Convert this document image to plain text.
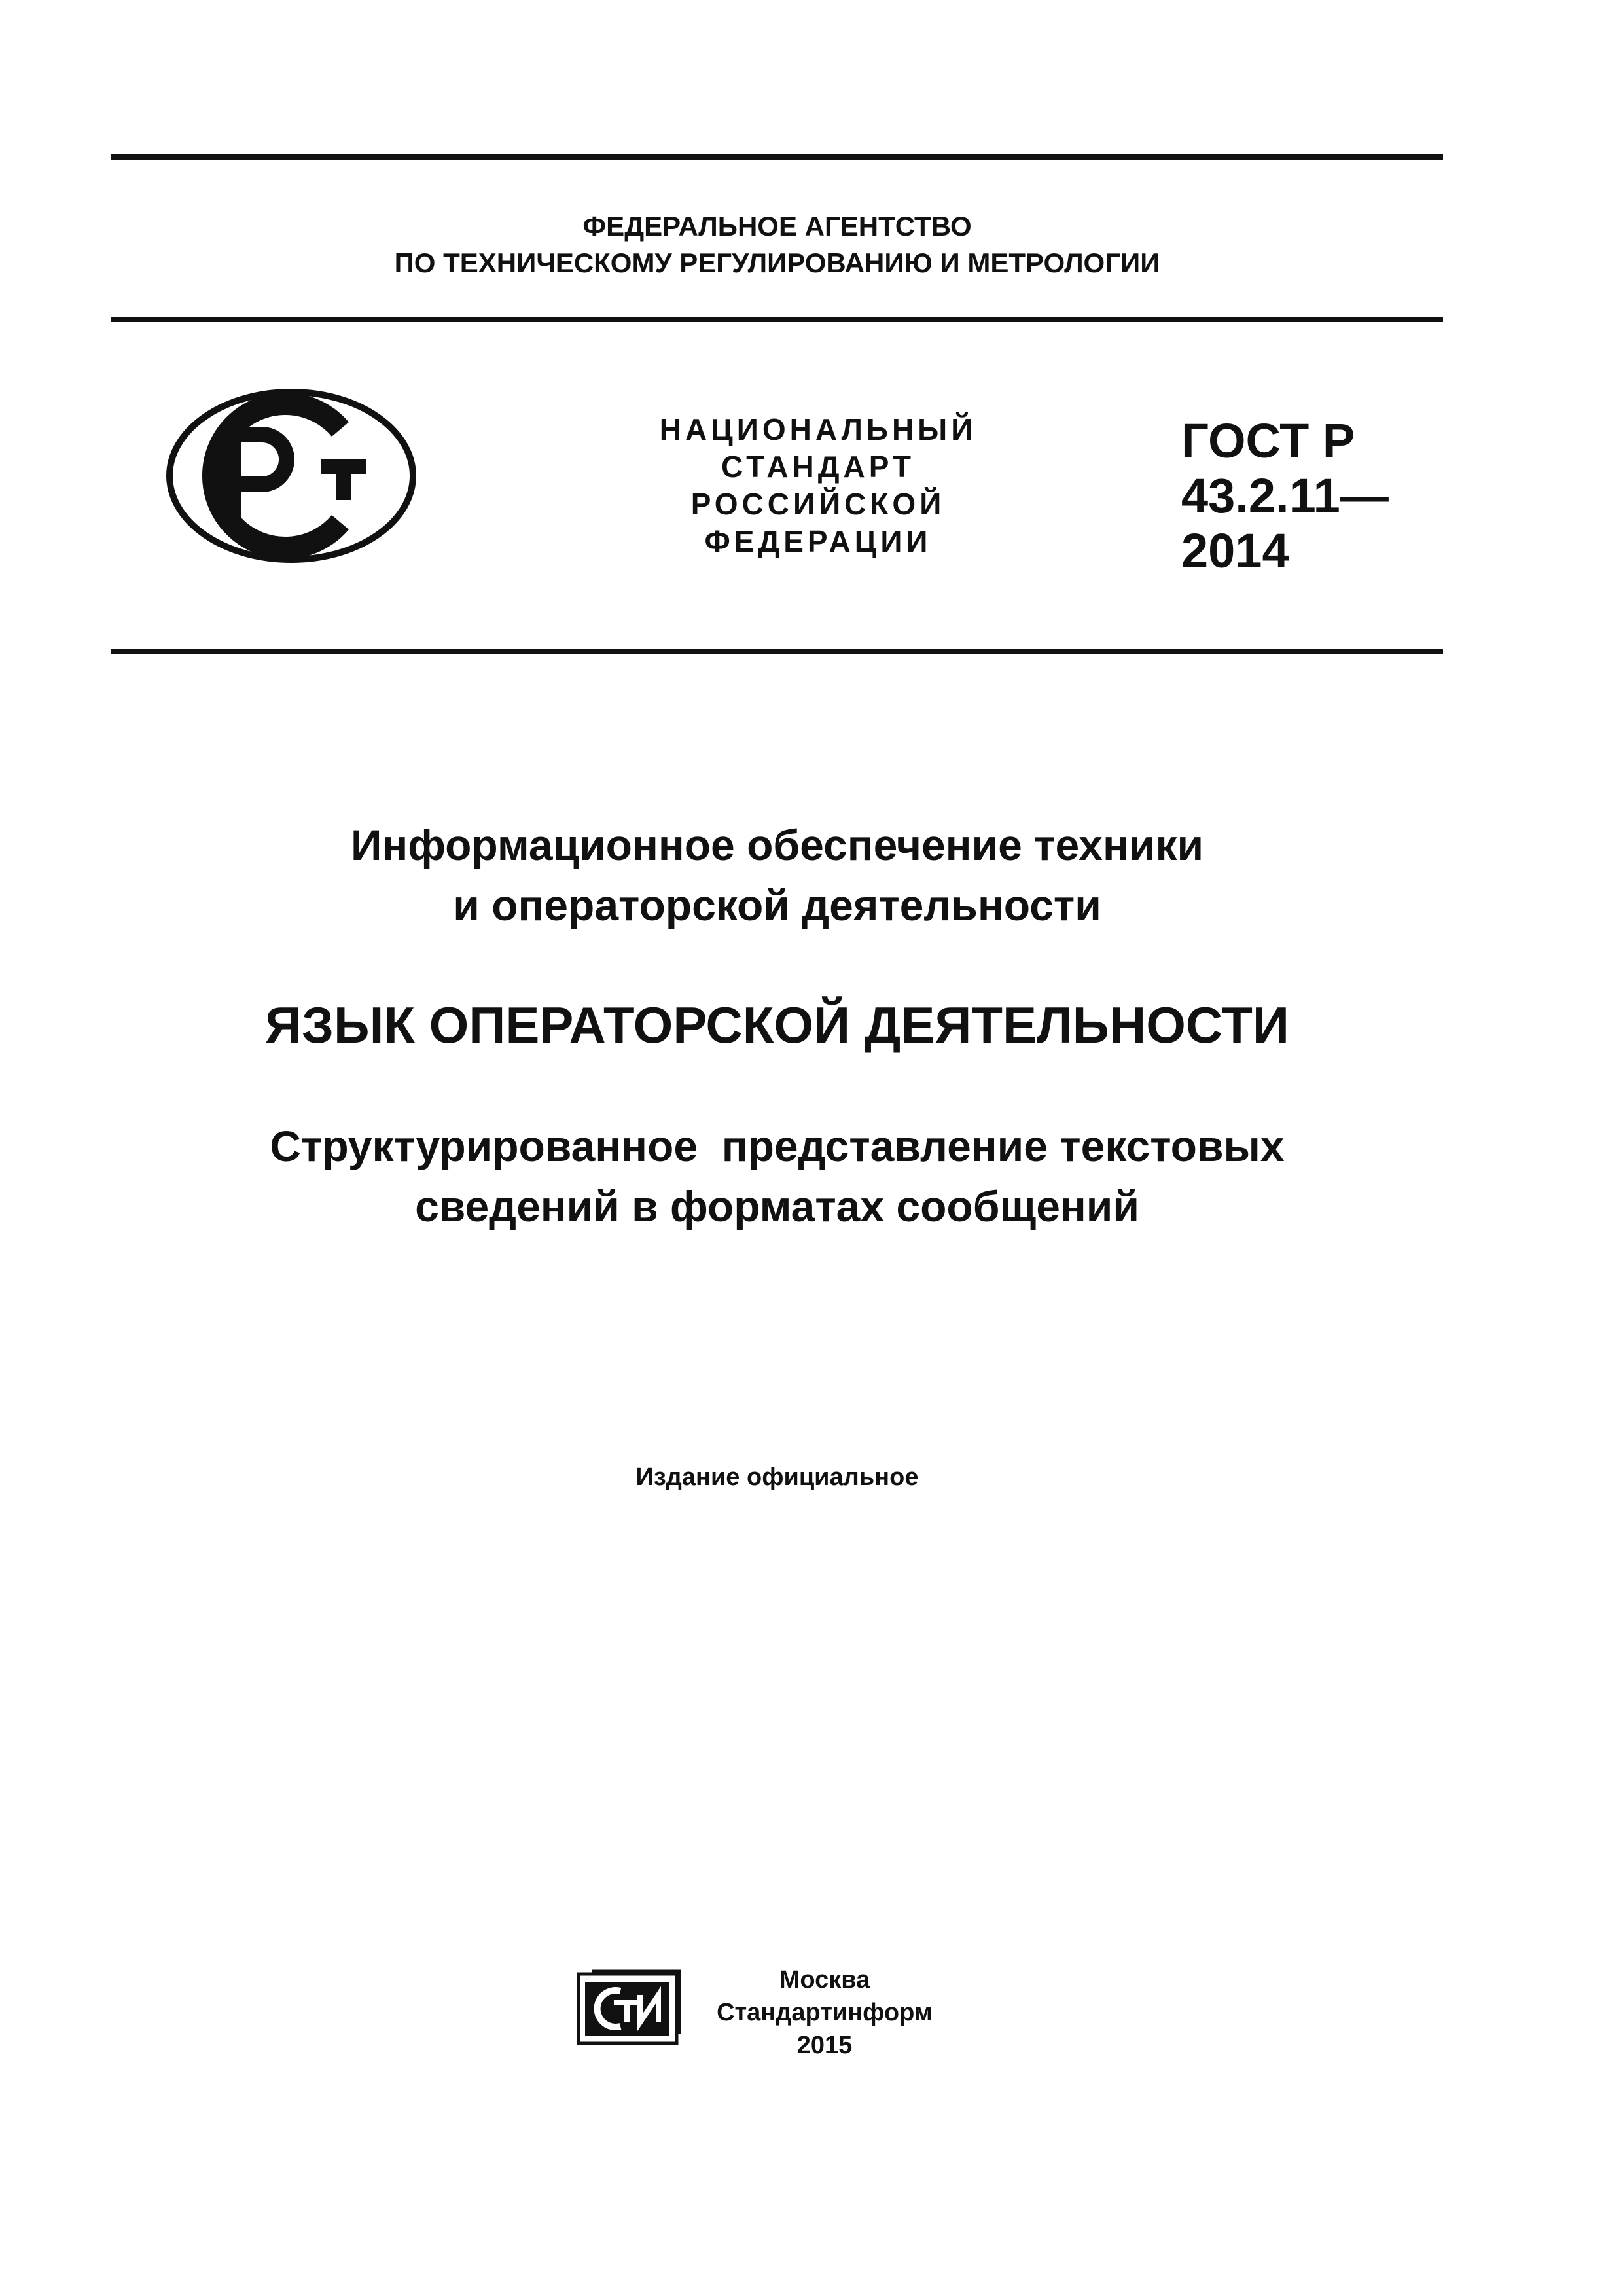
ФЕДЕРАЛЬНОЕ АГЕНТСТВО
ПО ТЕХНИЧЕСКОМУ РЕГУЛИРОВАНИЮ И МЕТРОЛОГИИ
НАЦИОНАЛЬНЫЙ
СТАНДАРТ
РОССИЙСКОЙ
ФЕДЕРАЦИИ
ГОСТ Р
43.2.11—
2014
Информационное обеспечение техники
и операторской деятельности
ЯЗЫК ОПЕРАТОРСКОЙ ДЕЯТЕЛЬНОСТИ
Структурированное  представление текстовых
сведений в форматах сообщений
Издание официальное
Москва
Стандартинформ
2015
